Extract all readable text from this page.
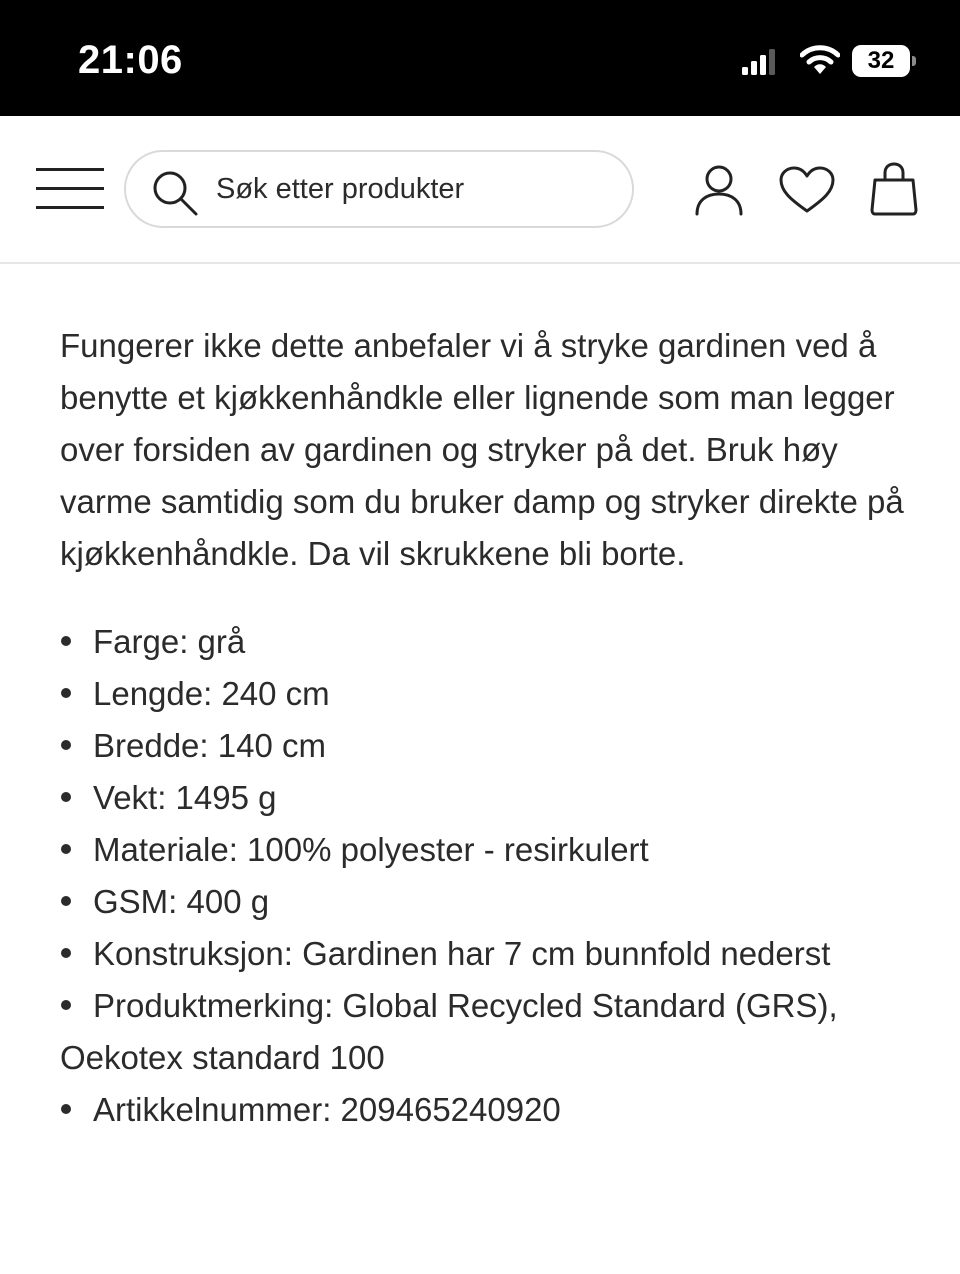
21:06	32
Søk etter produkter

Fungerer ikke dette anbefaler vi å stryke gardinen ved å benytte et kjøkkenhåndkle eller lignende som man legger over forsiden av gardinen og stryker på det. Bruk høy varme samtidig som du bruker damp og stryker direkte på kjøkkenhåndkle. Da vil skrukkene bli borte.

Farge: grå
Lengde: 240 cm
Bredde: 140 cm
Vekt: 1495 g
Materiale: 100% polyester - resirkulert
GSM: 400 g
Konstruksjon: Gardinen har 7 cm bunnfold nederst
Produktmerking: Global Recycled Standard (GRS), Oekotex standard 100
Artikkelnummer: 209465240920
